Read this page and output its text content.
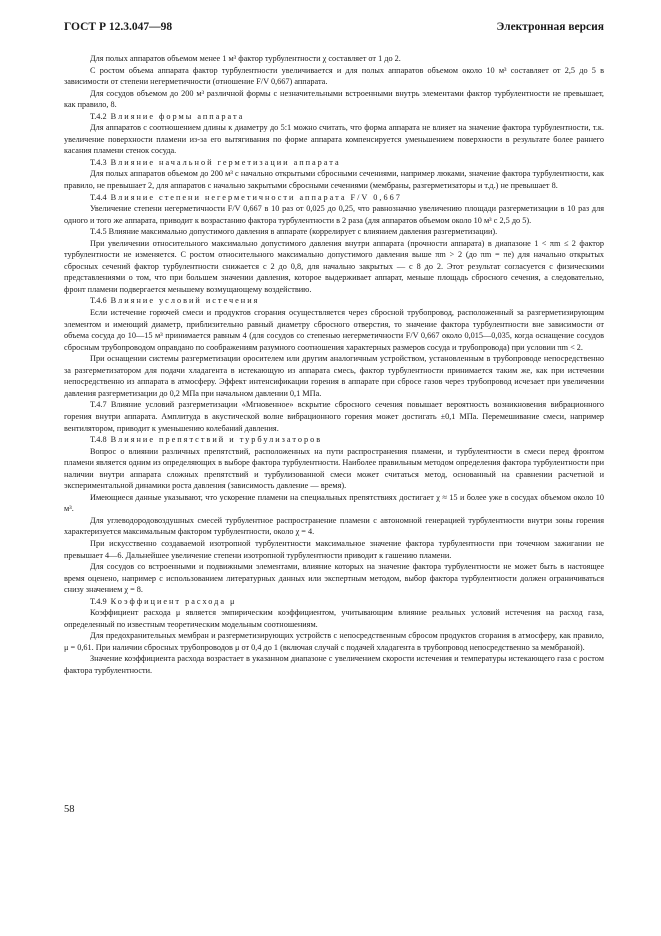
ГОСТ Р 12.3.047—98	Электронная версия

Для полых аппаратов объемом менее 1 м³ фактор турбулентности χ составляет от 1 до 2.

С ростом объема аппарата фактор турбулентности увеличивается и для полых аппаратов объемом около 10 м³ составляет от 2,5 до 5 в зависимости от степени негерметичности (отношение F/V 0,667) аппарата.

Для сосудов объемом до 200 м³ различной формы с незначительными встроенными внутрь элементами фактор турбулентности не превышает, как правило, 8.

Т.4.2 Влияние формы аппарата

Для аппаратов с соотношением длины к диаметру до 5:1 можно считать, что форма аппарата не влияет на значение фактора турбулентности, т.к. увеличение поверхности пламени из-за его вытягивания по форме аппарата компенсируется уменьшением поверхности в результате более раннего касания пламени стенок сосуда.

Т.4.3 Влияние начальной герметизации аппарата

Для полых аппаратов объемом до 200 м³ с начально открытыми сбросными сечениями, например люками, значение фактора турбулентности, как правило, не превышает 2, для аппаратов с начально закрытыми сбросными сечениями (мембраны, разгерметизаторы и т.д.) не превышает 8.

Т.4.4 Влияние степени негерметичности аппарата F/V 0,667

Увеличение степени негерметичности F/V 0,667 в 10 раз от 0,025 до 0,25, что равнозначно увеличению площади разгерметизации в 10 раз для одного и того же аппарата, приводит к возрастанию фактора турбулентности в 2 раза (для аппаратов объемом около 10 м³ с 2,5 до 5).

Т.4.5 Влияние максимально допустимого давления в аппарате (коррелирует с влиянием давления разгерметизации).

При увеличении относительного максимально допустимого давления внутри аппарата (прочности аппарата) в диапазоне 1 < πm ≤ 2 фактор турбулентности не изменяется. С ростом относительного максимально допустимого давления выше πm > 2 (до πm = πe) для начально открытых сбросных сечений фактор турбулентности снижается с 2 до 0,8, для начально закрытых — с 8 до 2. Этот результат согласуется с физическими представлениями о том, что при большем значении давления, которое выдерживает аппарат, меньше площадь сбросного сечения, а следовательно, фронт пламени подвергается меньшему возмущающему воздействию.

Т.4.6 Влияние условий истечения

Если истечение горючей смеси и продуктов сгорания осуществляется через сбросной трубопровод, расположенный за разгерметизирующим элементом и имеющий диаметр, приблизительно равный диаметру сбросного отверстия, то значение фактора турбулентности вне зависимости от объема сосуда до 10—15 м³ принимается равным 4 (для сосудов со степенью негерметичности F/V 0,667 около 0,015—0,035, когда оснащение сосудов сбросным трубопроводом оправдано по соображениям разумного соотношения характерных размеров сосуда и трубопровода) при условии πm < 2.

При оснащении системы разгерметизации оросителем или другим аналогичным устройством, установленным в трубопроводе непосредственно за разгерметизатором для подачи хладагента в истекающую из аппарата смесь, фактор турбулентности принимается таким же, как при истечении непосредственно из аппарата в атмосферу. Эффект интенсификации горения в аппарате при сбросе газов через трубопровод исчезает при увеличении давления разгерметизации до 0,2 МПа при начальном давлении 0,1 МПа.

Т.4.7 Влияние условий разгерметизации «Мгновенное» вскрытие сбросного сечения повышает вероятность возникновения вибрационного горения внутри аппарата. Амплитуда в акустической волне вибрационного горения может достигать ±0,1 МПа. Перемешивание смеси, например вентилятором, приводит к уменьшению колебаний давления.

Т.4.8 Влияние препятствий и турбулизаторов

Вопрос о влиянии различных препятствий, расположенных на пути распространения пламени, и турбулентности в смеси перед фронтом пламени является одним из определяющих в выборе фактора турбулентности. Наиболее правильным методом определения фактора турбулентности при наличии внутри аппарата сложных препятствий и турбулизованной смеси может считаться метод, основанный на сравнении расчетной и экспериментальной динамики роста давления (зависимость давление — время).

Имеющиеся данные указывают, что ускорение пламени на специальных препятствиях достигает χ ≈ 15 и более уже в сосудах объемом около 10 м³.

Для углеводородовоздушных смесей турбулентное распространение пламени с автономной генерацией турбулентности внутри зоны горения характеризуется максимальным фактором турбулентности, около χ = 4.

При искусственно создаваемой изотропной турбулентности максимальное значение фактора турбулентности при точечном зажигании не превышает 4—6. Дальнейшее увеличение степени изотропной турбулентности приводит к гашению пламени.

Для сосудов со встроенными и подвижными элементами, влияние которых на значение фактора турбулентности не может быть в настоящее время оценено, например с использованием литературных данных или экспертным методом, выбор фактора турбулентности должен ограничиваться снизу значением χ = 8.

Т.4.9 Коэффициент расхода μ

Коэффициент расхода μ является эмпирическим коэффициентом, учитывающим влияние реальных условий истечения на расход газа, определенный по известным теоретическим модельным соотношениям.

Для предохранительных мембран и разгерметизирующих устройств с непосредственным сбросом продуктов сгорания в атмосферу, как правило, μ = 0,61. При наличии сбросных трубопроводов μ от 0,4 до 1 (включая случай с подачей хладагента в трубопровод непосредственно за мембраной).

Значение коэффициента расхода возрастает в указанном диапазоне с увеличением скорости истечения и температуры истекающего газа с ростом фактора турбулентности.

58
